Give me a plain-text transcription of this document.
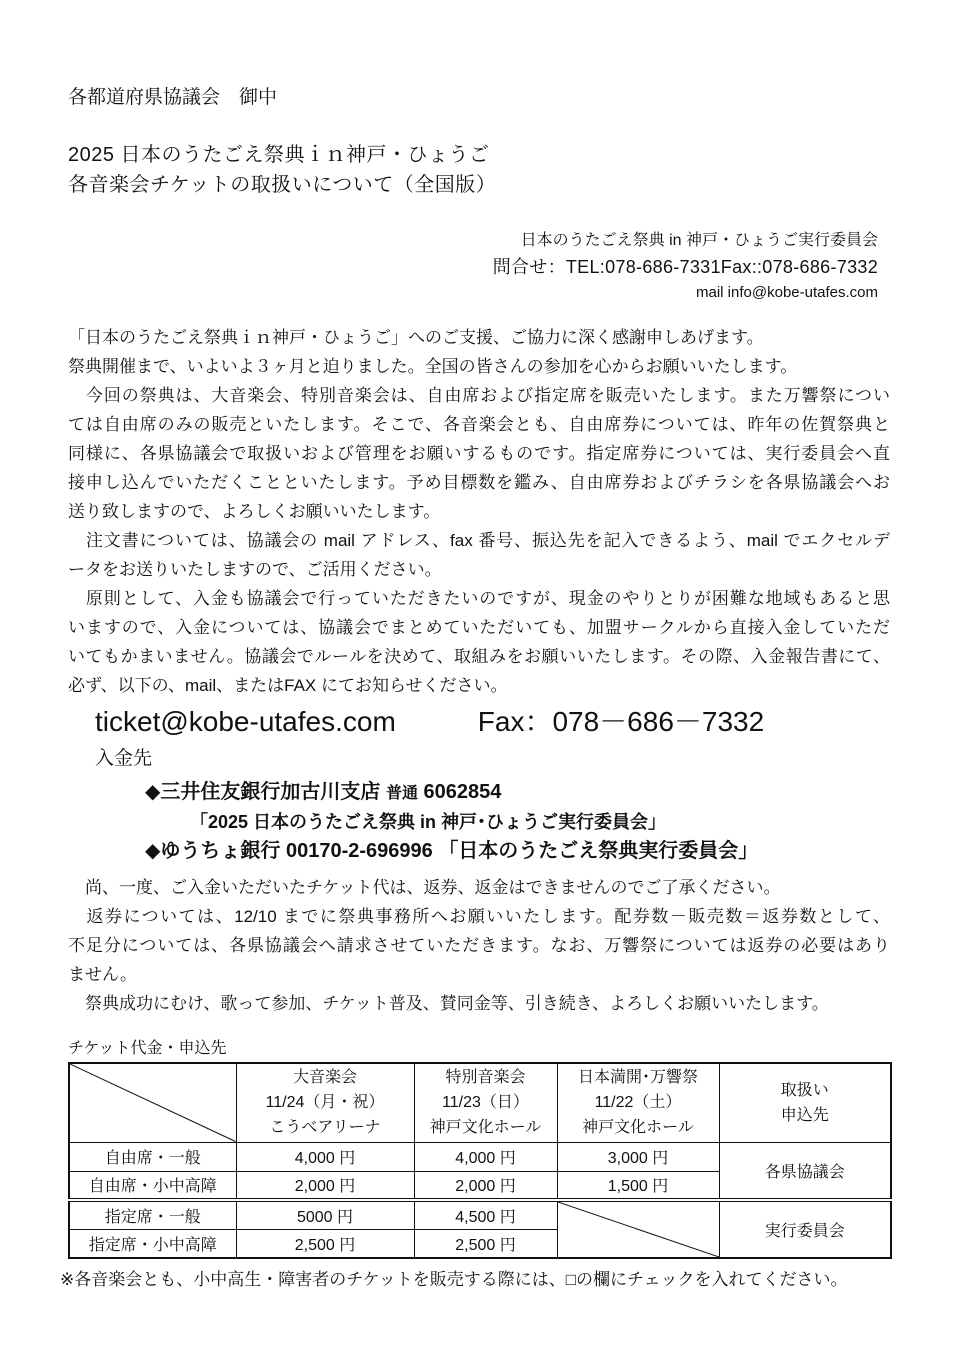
各都道府県協議会　御中
2025 日本のうたごえ祭典ｉｎ神戸・ひょうご
各音楽会チケットの取扱いについて（全国版）
日本のうたごえ祭典 in 神戸・ひょうご実行委員会
問合せ：TEL:078-686-7331Fax::078-686-7332
mail info@kobe-utafes.com
「日本のうたごえ祭典ｉｎ神戸・ひょうご」へのご支援、ご協力に深く感謝申しあげます。
祭典開催まで、いよいよ３ヶ月と迫りました。全国の皆さんの参加を心からお願いいたします。
　今回の祭典は、大音楽会、特別音楽会は、自由席および指定席を販売いたします。また万響祭につい
ては自由席のみの販売といたします。そこで、各音楽会とも、自由席券については、昨年の佐賀祭典と
同様に、各県協議会で取扱いおよび管理をお願いするものです。指定席券については、実行委員会へ直
接申し込んでいただくことといたします。予め目標数を鑑み、自由席券およびチラシを各県協議会へお
送り致しますので、よろしくお願いいたします。
　注文書については、協議会の mail アドレス、fax 番号、振込先を記入できるよう、mail でエクセルデ
ータをお送りいたしますので、ご活用ください。
　原則として、入金も協議会で行っていただきたいのですが、現金のやりとりが困難な地域もあると思
いますので、入金については、協議会でまとめていただいても、加盟サークルから直接入金していただ
いてもかまいません。協議会でルールを決めて、取組みをお願いいたします。その際、入金報告書にて、
必ず、以下の、mail、またはFAX にてお知らせください。
ticket@kobe-utafes.com	Fax：078－686－7332
入金先
◆三井住友銀行加古川支店 普通 6062854
「2025 日本のうたごえ祭典 in 神戸･ひょうご実行委員会」
◆ゆうちょ銀行 00170-2-696996 「日本のうたごえ祭典実行委員会」
　尚、一度、ご入金いただいたチケット代は、返券、返金はできませんのでご了承ください。
　返券については、12/10 までに祭典事務所へお願いいたします。配券数－販売数＝返券数として、
不足分については、各県協議会へ請求させていただきます。なお、万響祭については返券の必要はあり
ません。
　祭典成功にむけ、歌って参加、チケット普及、賛同金等、引き続き、よろしくお願いいたします。
チケット代金・申込先

大音楽会
11/24（月・祝）
こうべアリーナ

特別音楽会
11/23（日）
神戸文化ホール

日本満開･万響祭
11/22（土）
神戸文化ホール

取扱い
申込先

自由席・一般	4,000 円	4,000 円	3,000 円	各県協議会
自由席・小中高障	2,000 円	2,000 円	1,500 円	
指定席・一般	5000 円	4,500 円		実行委員会
指定席・小中高障	2,500 円	2,500 円		
※各音楽会とも、小中高生・障害者のチケットを販売する際には、□の欄にチェックを入れてください。
